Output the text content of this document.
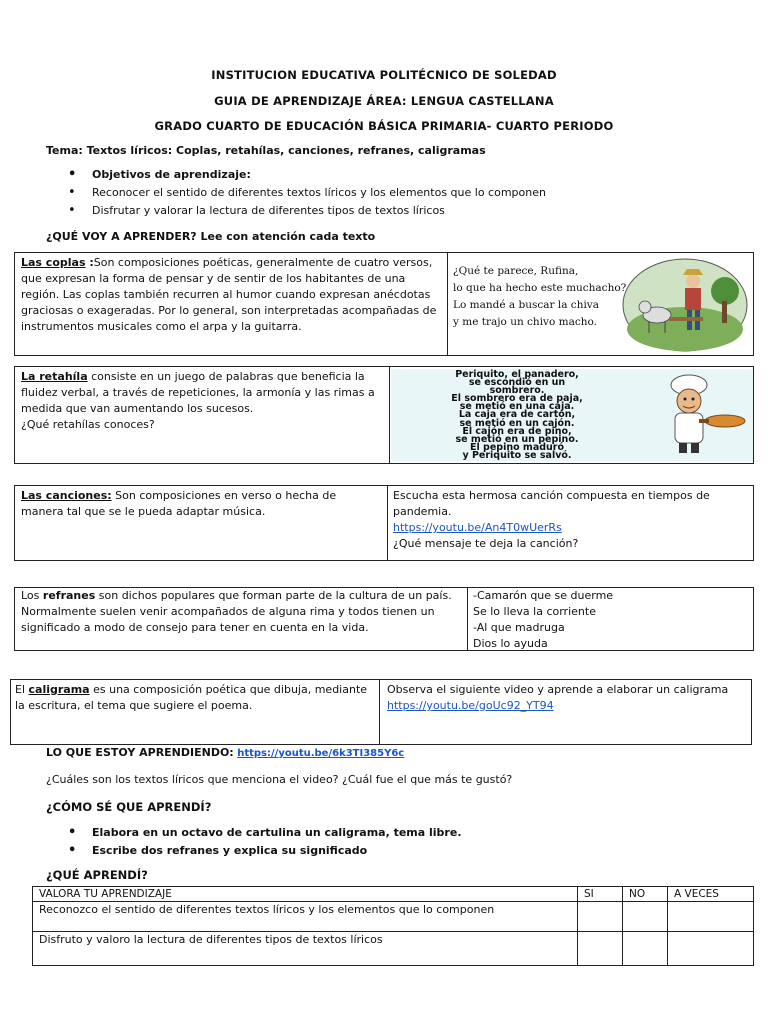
INSTITUCION EDUCATIVA POLITÉCNICO DE SOLEDAD
GUIA DE APRENDIZAJE ÁREA: LENGUA CASTELLANA
GRADO CUARTO DE EDUCACIÓN BÁSICA PRIMARIA- CUARTO PERIODO
Tema: Textos líricos: Coplas, retahílas, canciones, refranes, caligramas
• Objetivos de aprendizaje:
• Reconocer el sentido de diferentes textos líricos y los elementos que lo componen
• Disfrutar y valorar la lectura de diferentes tipos de textos líricos
¿QUÉ VOY A APRENDER? Lee con atención cada texto
Las coplas :Son composiciones poéticas, generalmente de cuatro versos, que expresan la forma de pensar y de sentir de los habitantes de una región. Las coplas también recurren al humor cuando expresan anécdotas graciosas o exageradas. Por lo general, son interpretadas acompañadas de instrumentos musicales como el arpa y la guitarra.
¿Qué te parece, Rufina,
lo que ha hecho este muchacho?
Lo mandé a buscar la chiva
y me trajo un chivo macho.
La retahíla consiste en un juego de palabras que beneficia la fluidez verbal, a través de repeticiones, la armonía y las rimas a medida que van aumentando los sucesos.
¿Qué retahílas conoces?
Periquito, el panadero,
se escondió en un
sombrero.
El sombrero era de paja,
se metió en una caja.
La caja era de cartón,
se metió en un cajón.
El cajón era de pino,
se metió en un pepino.
El pepino maduró
y Periquito se salvó.
Las canciones: Son composiciones en verso o hecha de manera tal que se le pueda adaptar música.
Escucha esta hermosa canción compuesta en tiempos de pandemia.
https://youtu.be/An4T0wUerRs
¿Qué mensaje te deja la canción?
Los refranes son dichos populares que forman parte de la cultura de un país. Normalmente suelen venir acompañados de alguna rima y todos tienen un significado a modo de consejo para tener en cuenta en la vida.
-Camarón que se duerme
Se lo lleva la corriente
-Al que madruga
Dios lo ayuda
El caligrama es una composición poética que dibuja, mediante la escritura, el tema que sugiere el poema.
Observa el siguiente video y aprende a elaborar un caligrama
https://youtu.be/goUc92_YT94
LO QUE ESTOY APRENDIENDO: https://youtu.be/6k3TI385Y6c
¿Cuáles son los textos líricos que menciona el video? ¿Cuál fue el que más te gustó?
¿CÓMO SÉ QUE APRENDÍ?
• Elabora en un octavo de cartulina un caligrama, tema libre.
• Escribe dos refranes y explica su significado
¿QUÉ APRENDÍ?
VALORA TU APRENDIZAJE	SI	NO	A VECES
Reconozco el sentido de diferentes textos líricos y los elementos que lo componen			
Disfruto y valoro la lectura de diferentes tipos de textos líricos			
